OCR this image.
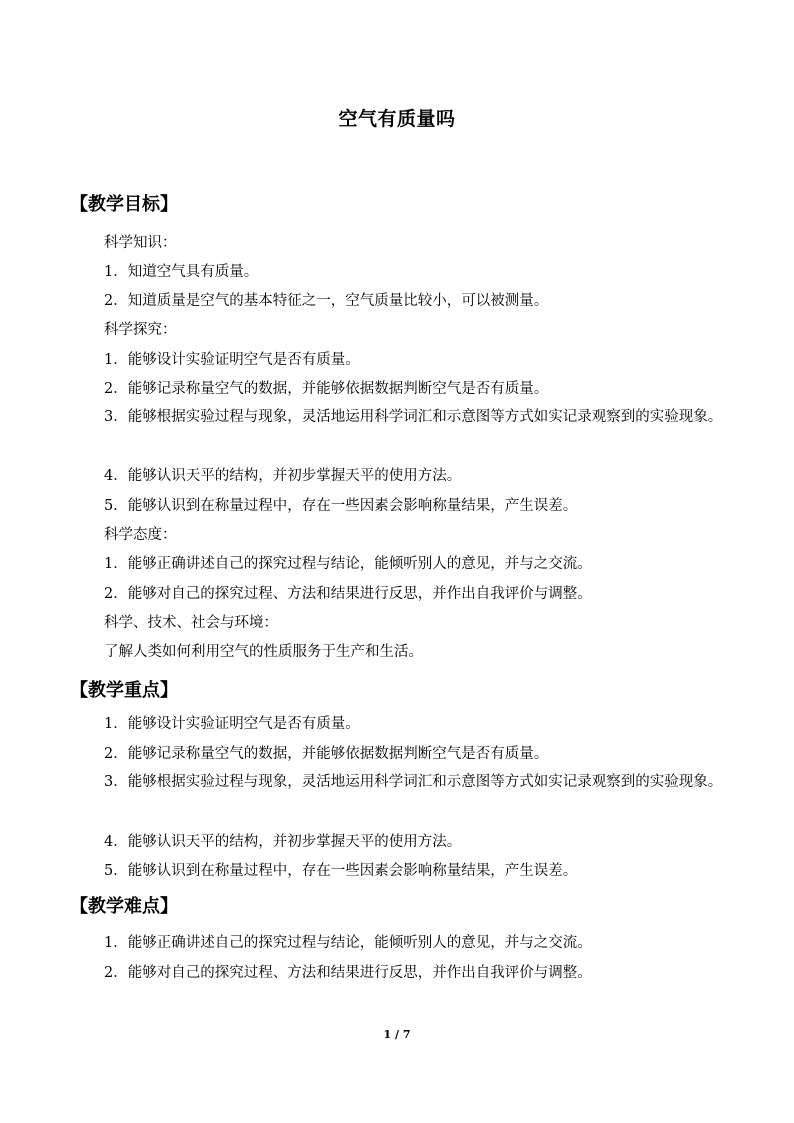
空气有质量吗
【教学目标】
科学知识：
1．知道空气具有质量。
2．知道质量是空气的基本特征之一，空气质量比较小，可以被测量。
科学探究：
1．能够设计实验证明空气是否有质量。
2．能够记录称量空气的数据，并能够依据数据判断空气是否有质量。
3．能够根据实验过程与现象，灵活地运用科学词汇和示意图等方式如实记录观察到的实验现象。
4．能够认识天平的结构，并初步掌握天平的使用方法。
5．能够认识到在称量过程中，存在一些因素会影响称量结果，产生误差。
科学态度：
1．能够正确讲述自己的探究过程与结论，能倾听别人的意见，并与之交流。
2．能够对自己的探究过程、方法和结果进行反思，并作出自我评价与调整。
科学、技术、社会与环境：
了解人类如何利用空气的性质服务于生产和生活。
【教学重点】
1．能够设计实验证明空气是否有质量。
2．能够记录称量空气的数据，并能够依据数据判断空气是否有质量。
3．能够根据实验过程与现象，灵活地运用科学词汇和示意图等方式如实记录观察到的实验现象。
4．能够认识天平的结构，并初步掌握天平的使用方法。
5．能够认识到在称量过程中，存在一些因素会影响称量结果，产生误差。
【教学难点】
1．能够正确讲述自己的探究过程与结论，能倾听别人的意见，并与之交流。
2．能够对自己的探究过程、方法和结果进行反思，并作出自我评价与调整。
1 / 7
